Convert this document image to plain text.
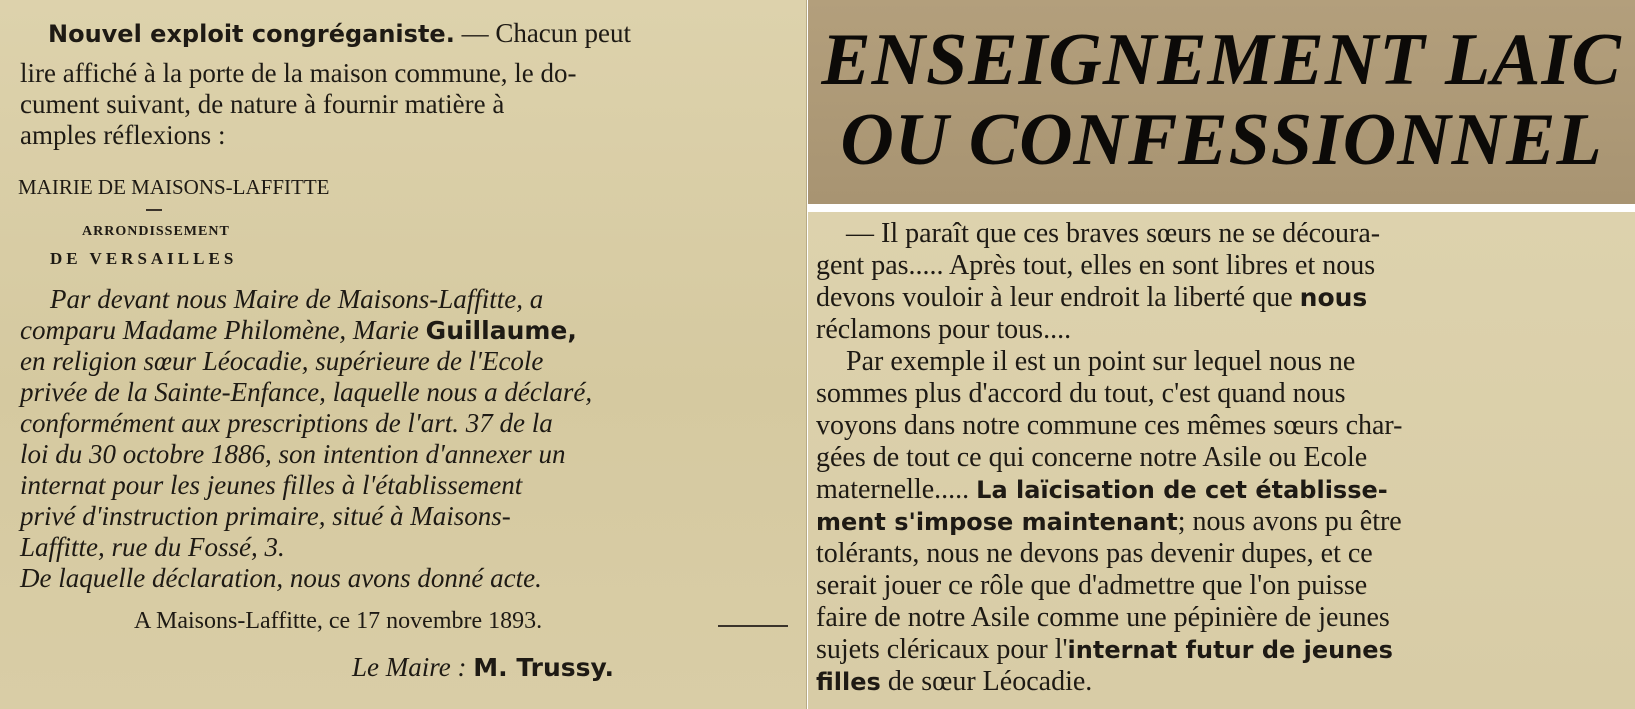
Nouvel exploit congréganiste. — Chacun peut
lire affiché à la porte de la maison commune, le do-
cument suivant, de nature à fournir matière à
amples réflexions :
MAIRIE DE MAISONS-LAFFITTE
ARRONDISSEMENT
DE VERSAILLES
Par devant nous Maire de Maisons-Laffitte, a
comparu Madame Philomène, Marie Guillaume,
en religion sœur Léocadie, supérieure de l'Ecole
privée de la Sainte-Enfance, laquelle nous a déclaré,
conformément aux prescriptions de l'art. 37 de la
loi du 30 octobre 1886, son intention d'annexer un
internat pour les jeunes filles à l'établissement
privé d'instruction primaire, situé à Maisons-
Laffitte, rue du Fossé, 3.
De laquelle déclaration, nous avons donné acte.
A Maisons-Laffitte, ce 17 novembre 1893.
Le Maire : M. Trussy.
ENSEIGNEMENT LAIC
OU CONFESSIONNEL
— Il paraît que ces braves sœurs ne se découra-
gent pas..... Après tout, elles en sont libres et nous
devons vouloir à leur endroit la liberté que nous
réclamons pour tous....
Par exemple il est un point sur lequel nous ne
sommes plus d'accord du tout, c'est quand nous
voyons dans notre commune ces mêmes sœurs char-
gées de tout ce qui concerne notre Asile ou Ecole
maternelle..... La laïcisation de cet établisse-
ment s'impose maintenant; nous avons pu être
tolérants, nous ne devons pas devenir dupes, et ce
serait jouer ce rôle que d'admettre que l'on puisse
faire de notre Asile comme une pépinière de jeunes
sujets cléricaux pour l'internat futur de jeunes
filles de sœur Léocadie.
